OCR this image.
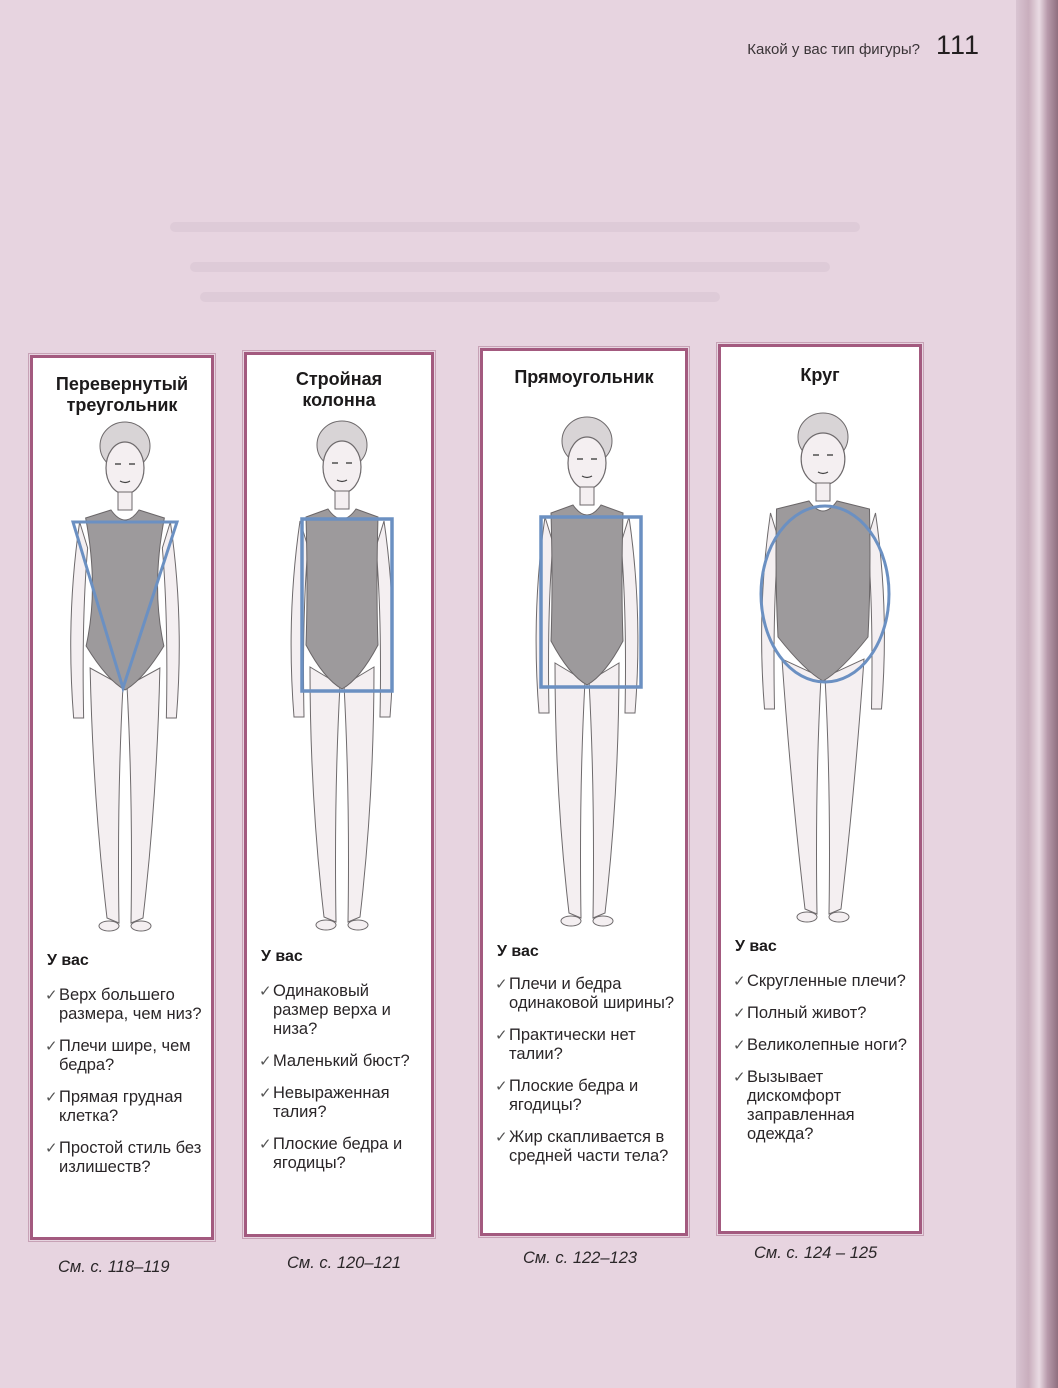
Какой у вас тип фигуры? 111
Перевернутый
треугольник
У вас
✓ Верх большего размера, чем низ?
✓ Плечи шире, чем бедра?
✓ Прямая грудная клетка?
✓ Простой стиль без излишеств?
См. с. 118–119
Стройная
колонна
У вас
✓ Одинаковый размер верха и низа?
✓ Маленький бюст?
✓ Невыраженная талия?
✓ Плоские бедра и ягодицы?
См. с. 120–121
Прямоугольник
У вас
✓ Плечи и бедра одинаковой ширины?
✓ Практически нет талии?
✓ Плоские бедра и ягодицы?
✓ Жир скапливается в средней части тела?
См. с. 122–123
Круг
У вас
✓ Скругленные плечи?
✓ Полный живот?
✓ Великолепные ноги?
✓ Вызывает дискомфорт заправленная одежда?
См. с. 124 – 125
